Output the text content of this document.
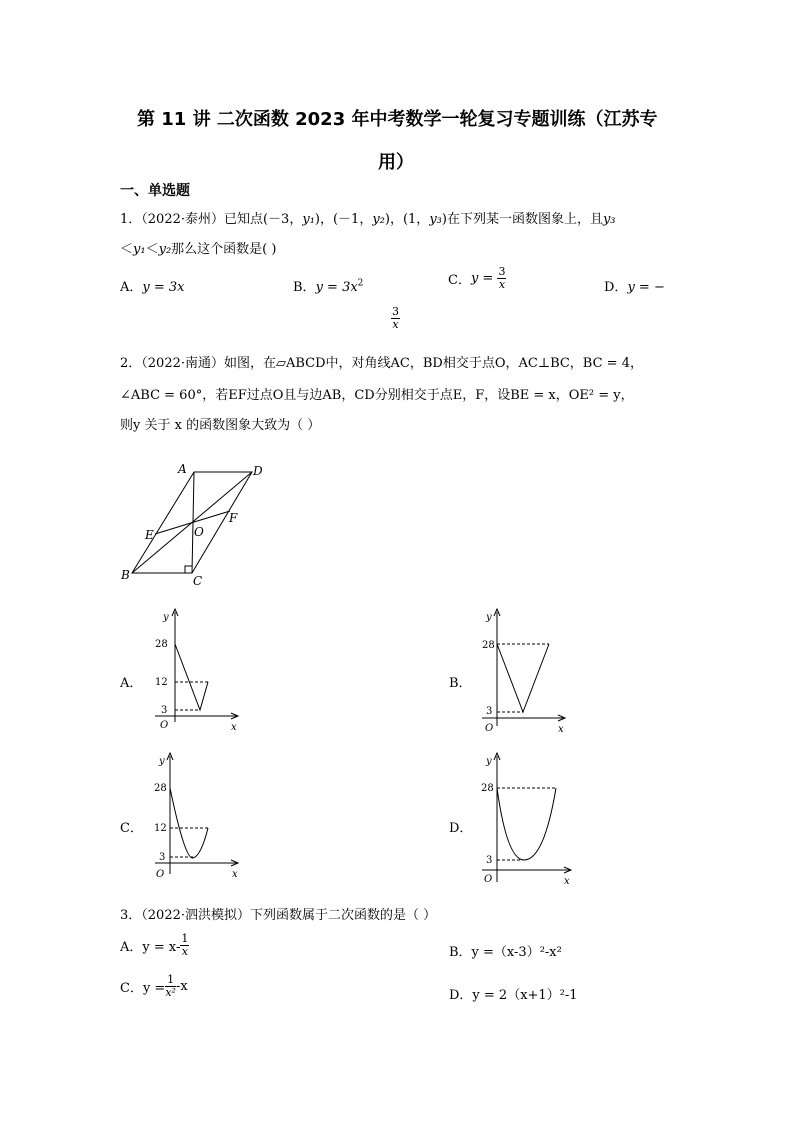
第 11 讲 二次函数 2023 年中考数学一轮复习专题训练（江苏专
用）
一、单选题
1．（2022·泰州）已知点(－3，y₁)，(－1，y₂)，(1，y₃)在下列某一函数图象上，且y₃
＜y₁＜y₂那么这个函数是( )
A．y = 3x	B．$y = 3x^2$	C．$y = \frac{3}{x}$	D．y = −
$\frac{3}{x}$
2．（2022·南通）如图，在▱ABCD中，对角线AC，BD相交于点O，AC⊥BC，BC = 4，
∠ABC = 60°，若EF过点O且与边AB，CD分别相交于点E，F，设BE = x，OE² = y，
则y 关于 x 的函数图象大致为（ ）
A	D
E	O
F
B	C
A．
28
12
3
O	x
y
B．
28
3
O	x
y
C．
28
12
3
O	x
y
D．
28
3
O	x
y
3．（2022·泗洪模拟）下列函数属于二次函数的是（ ）
A．$y = x- \frac{1}{x}$	B．y =（x-3）²-x²
C．$y = \frac{1}{\text{x²}} -x$
D．y = 2（x+1）²-1
